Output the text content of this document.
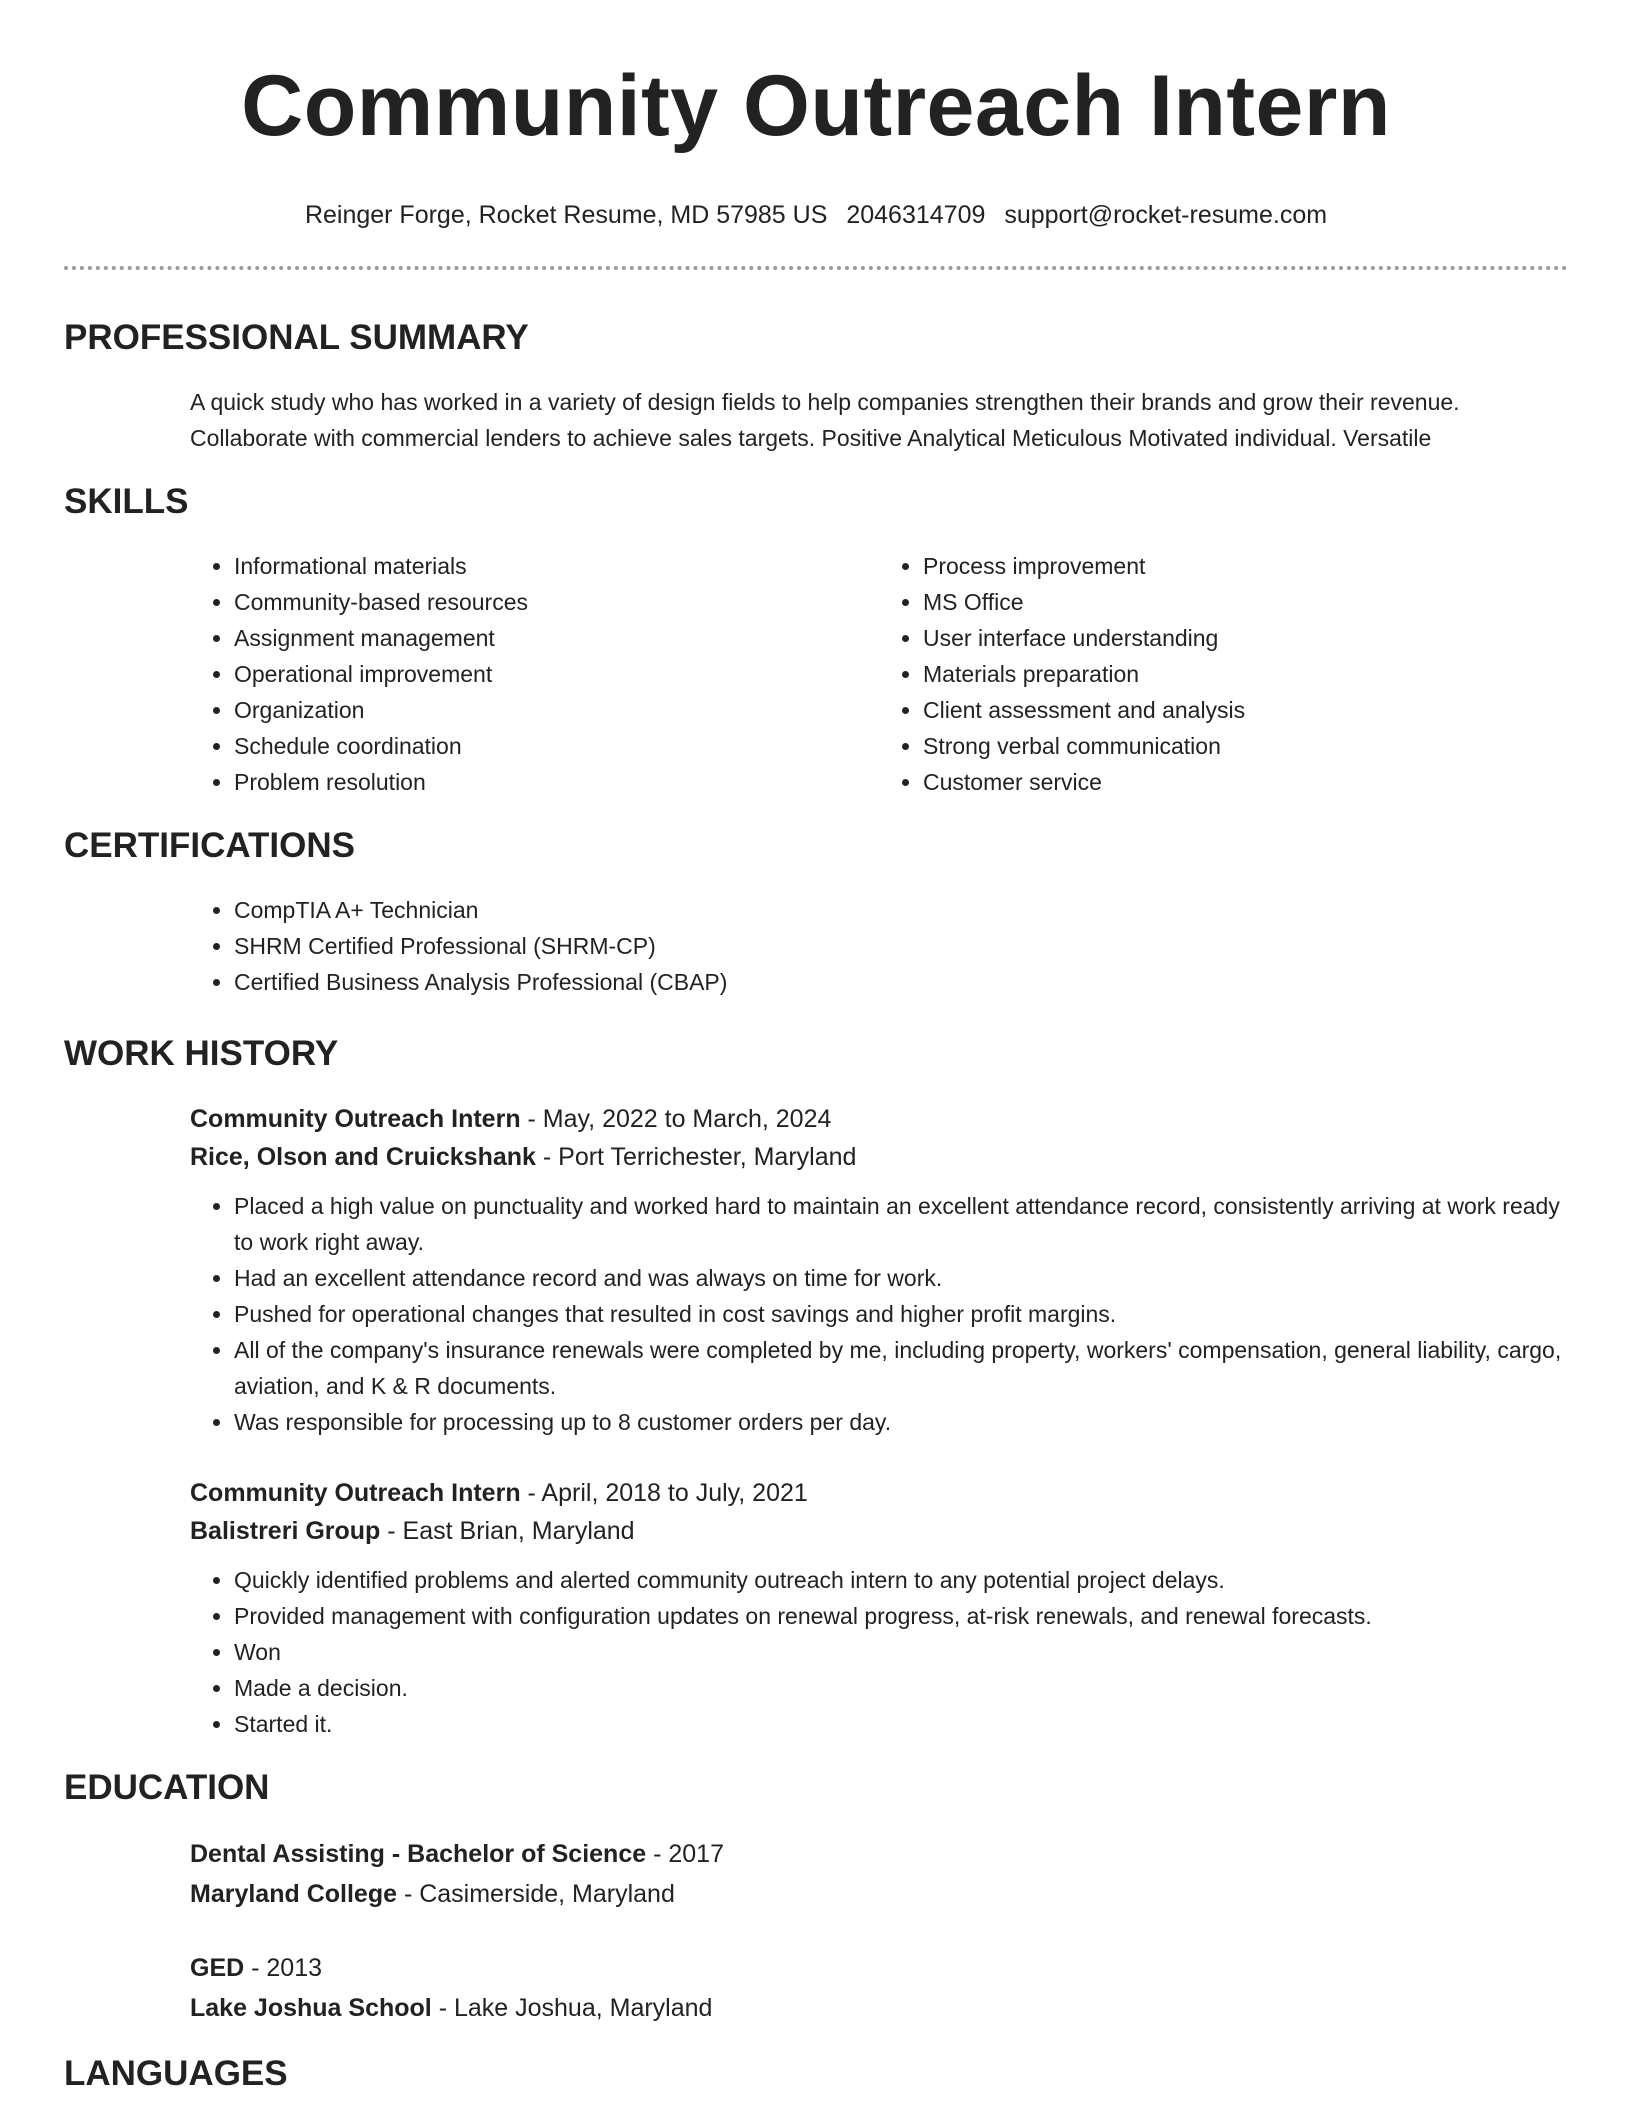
Community Outreach Intern
Reinger Forge, Rocket Resume, MD 57985 US 2046314709 support@rocket-resume.com
PROFESSIONAL SUMMARY

A quick study who has worked in a variety of design fields to help companies strengthen their brands and grow their revenue. Collaborate with commercial lenders to achieve sales targets. Positive Analytical Meticulous Motivated individual. Versatile

SKILLS
• Informational materials
• Community-based resources
• Assignment management
• Operational improvement
• Organization
• Schedule coordination
• Problem resolution
• Process improvement
• MS Office
• User interface understanding
• Materials preparation
• Client assessment and analysis
• Strong verbal communication
• Customer service
CERTIFICATIONS
• CompTIA A+ Technician
• SHRM Certified Professional (SHRM-CP)
• Certified Business Analysis Professional (CBAP)
WORK HISTORY
Community Outreach Intern - May, 2022 to March, 2024
Rice, Olson and Cruickshank - Port Terrichester, Maryland
• Placed a high value on punctuality and worked hard to maintain an excellent attendance record, consistently arriving at work ready to work right away.
• Had an excellent attendance record and was always on time for work.
• Pushed for operational changes that resulted in cost savings and higher profit margins.
• All of the company's insurance renewals were completed by me, including property, workers' compensation, general liability, cargo, aviation, and K & R documents.
• Was responsible for processing up to 8 customer orders per day.
Community Outreach Intern - April, 2018 to July, 2021
Balistreri Group - East Brian, Maryland
• Quickly identified problems and alerted community outreach intern to any potential project delays.
• Provided management with configuration updates on renewal progress, at-risk renewals, and renewal forecasts.
• Won
• Made a decision.
• Started it.
EDUCATION
Dental Assisting - Bachelor of Science - 2017
Maryland College - Casimerside, Maryland
GED - 2013
Lake Joshua School - Lake Joshua, Maryland
LANGUAGES
